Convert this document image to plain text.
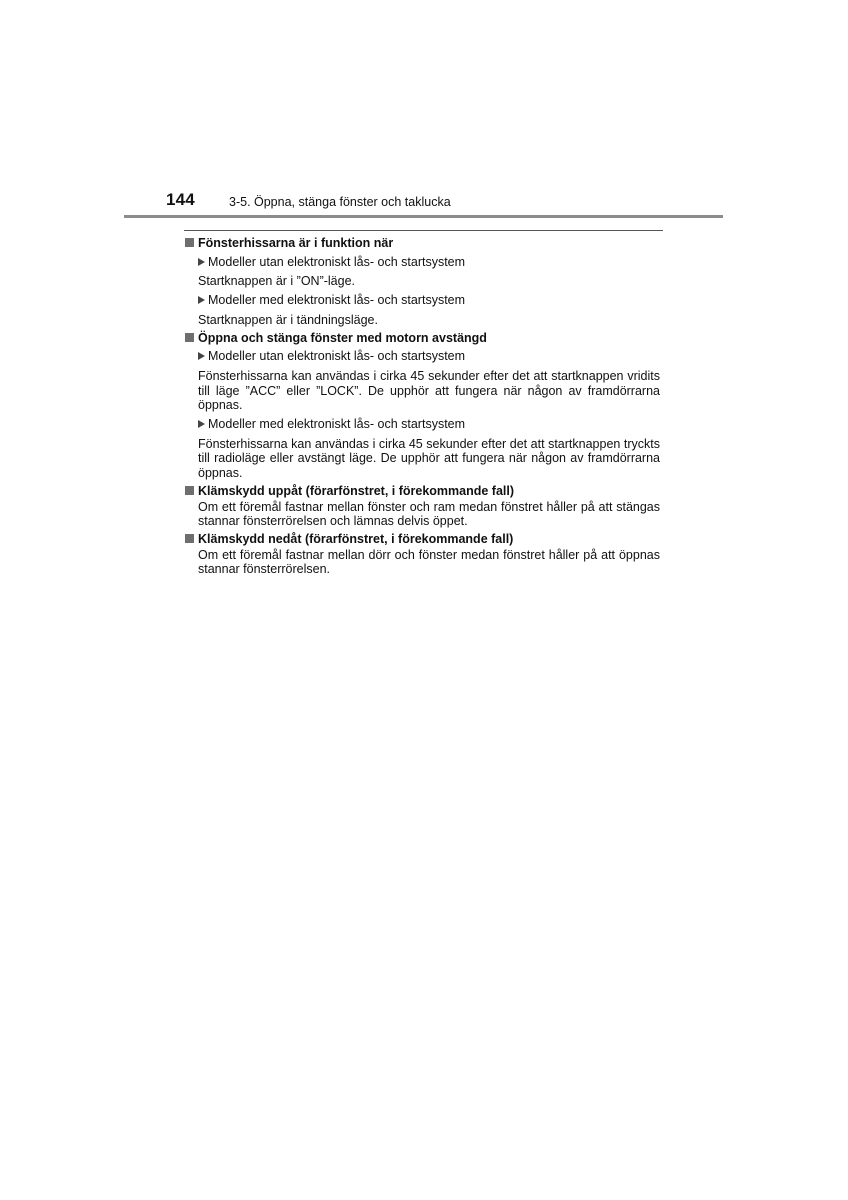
144	3-5. Öppna, stänga fönster och taklucka
Fönsterhissarna är i funktion när
Modeller utan elektroniskt lås- och startsystem
Startknappen är i ”ON”-läge.
Modeller med elektroniskt lås- och startsystem
Startknappen är i tändningsläge.
Öppna och stänga fönster med motorn avstängd
Modeller utan elektroniskt lås- och startsystem
Fönsterhissarna kan användas i cirka 45 sekunder efter det att startknappen vridits till läge ”ACC” eller ”LOCK”. De upphör att fungera när någon av framdörrarna öppnas.
Modeller med elektroniskt lås- och startsystem
Fönsterhissarna kan användas i cirka 45 sekunder efter det att startknappen tryckts till radioläge eller avstängt läge. De upphör att fungera när någon av framdörrarna öppnas.
Klämskydd uppåt (förarfönstret, i förekommande fall)
Om ett föremål fastnar mellan fönster och ram medan fönstret håller på att stängas stannar fönsterrörelsen och lämnas delvis öppet.
Klämskydd nedåt (förarfönstret, i förekommande fall)
Om ett föremål fastnar mellan dörr och fönster medan fönstret håller på att öppnas stannar fönsterrörelsen.
